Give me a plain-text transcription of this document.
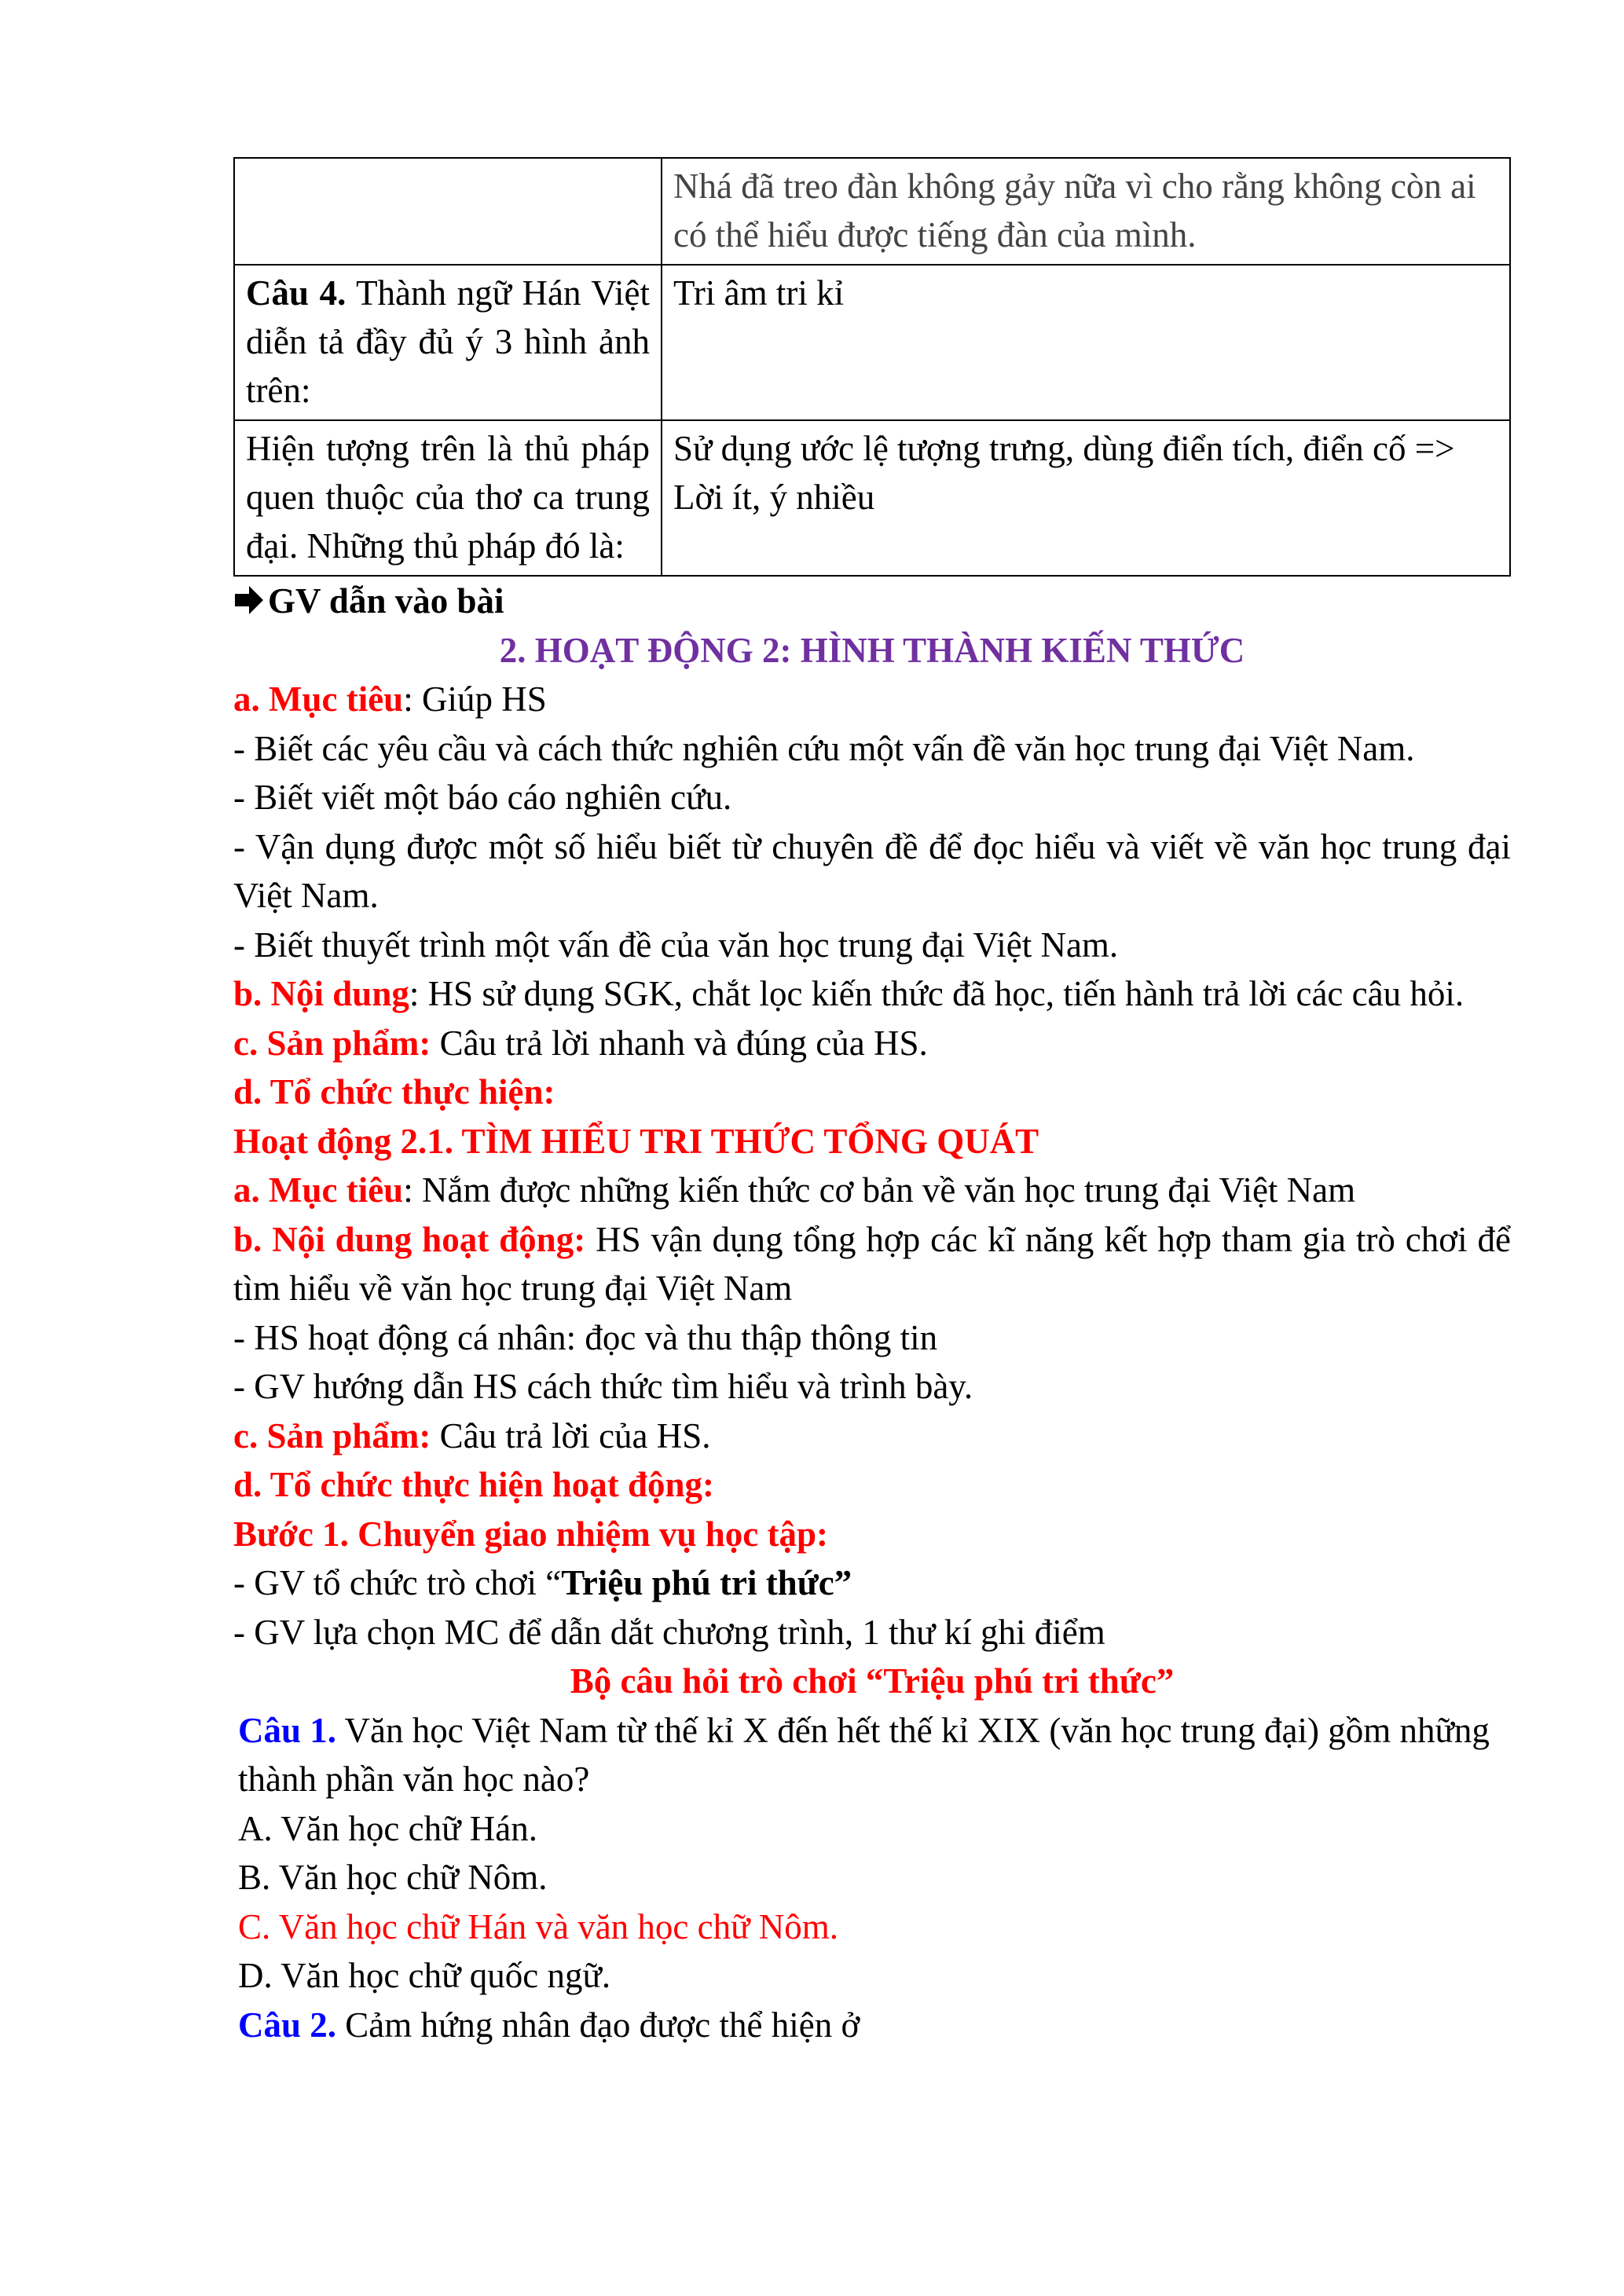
	Nhá đã treo đàn không gảy nữa vì cho rằng không còn ai có thể hiểu được tiếng đàn của mình.
Câu 4. Thành ngữ Hán Việt diễn tả đầy đủ ý 3 hình ảnh trên:	Tri âm tri kỉ
Hiện tượng trên là thủ pháp quen thuộc của thơ ca trung đại. Những thủ pháp đó là:	Sử dụng ước lệ tượng trưng, dùng điển tích, điển cố => Lời ít, ý nhiều

GV dẫn vào bài

2. HOẠT ĐỘNG 2: HÌNH THÀNH KIẾN THỨC

a. Mục tiêu: Giúp HS

- Biết các yêu cầu và cách thức nghiên cứu một vấn đề văn học trung đại Việt Nam.

- Biết viết một báo cáo nghiên cứu.

- Vận dụng được một số hiểu biết từ chuyên đề để đọc hiểu và viết về văn học trung đại Việt Nam.

- Biết thuyết trình một vấn đề của văn học trung đại Việt Nam.

b. Nội dung: HS sử dụng SGK, chắt lọc kiến thức đã học, tiến hành trả lời các câu hỏi.

c. Sản phẩm: Câu trả lời nhanh và đúng của HS.

d. Tổ chức thực hiện:

Hoạt động 2.1. TÌM HIỂU TRI THỨC TỔNG QUÁT

a. Mục tiêu: Nắm được những kiến thức cơ bản về văn học trung đại Việt Nam

b. Nội dung hoạt động: HS vận dụng tổng hợp các kĩ năng kết hợp tham gia trò chơi để tìm hiểu về văn học trung đại Việt Nam

- HS hoạt động cá nhân: đọc và thu thập thông tin

- GV hướng dẫn HS cách thức tìm hiểu và trình bày.

c. Sản phẩm: Câu trả lời của HS.

d. Tổ chức thực hiện hoạt động:

Bước 1. Chuyển giao nhiệm vụ học tập:

- GV tổ chức trò chơi “Triệu phú tri thức”

- GV lựa chọn MC để dẫn dắt chương trình, 1 thư kí ghi điểm

Bộ câu hỏi trò chơi “Triệu phú tri thức”

Câu 1. Văn học Việt Nam từ thế kỉ X đến hết thế kỉ XIX (văn học trung đại) gồm những thành phần văn học nào?

A. Văn học chữ Hán.

B. Văn học chữ Nôm.

C. Văn học chữ Hán và văn học chữ Nôm.

D. Văn học chữ quốc ngữ.

Câu 2. Cảm hứng nhân đạo được thể hiện ở
